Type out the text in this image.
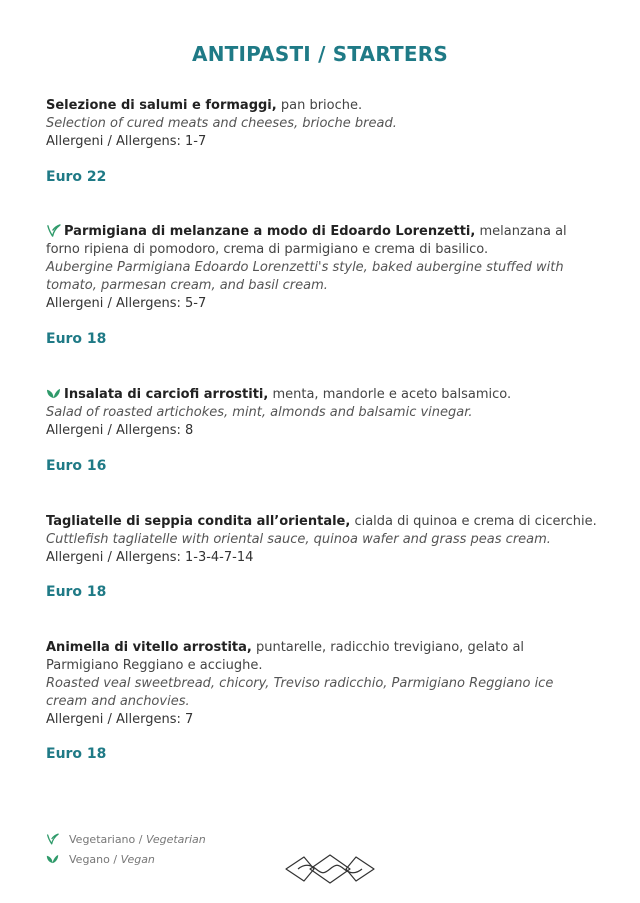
ANTIPASTI / STARTERS
Selezione di salumi e formaggi, pan brioche.
Selection of cured meats and cheeses, brioche bread.
Allergeni / Allergens: 1-7
Euro 22
Parmigiana di melanzane a modo di Edoardo Lorenzetti, melanzana al forno ripiena di pomodoro, crema di parmigiano e crema di basilico.
Aubergine Parmigiana Edoardo Lorenzetti's style, baked aubergine stuffed with tomato, parmesan cream, and basil cream.
Allergeni / Allergens: 5-7
Euro 18
Insalata di carciofi arrostiti, menta, mandorle e aceto balsamico.
Salad of roasted artichokes, mint, almonds and balsamic vinegar.
Allergeni / Allergens: 8
Euro 16
Tagliatelle di seppia condita all’orientale, cialda di quinoa e crema di cicerchie.
Cuttlefish tagliatelle with oriental sauce, quinoa wafer and grass peas cream.
Allergeni / Allergens: 1-3-4-7-14
Euro 18
Animella di vitello arrostita, puntarelle, radicchio trevigiano, gelato al Parmigiano Reggiano e acciughe.
Roasted veal sweetbread, chicory, Treviso radicchio, Parmigiano Reggiano ice cream and anchovies.
Allergeni / Allergens: 7
Euro 18
Vegetariano / Vegetarian
Vegano / Vegan
